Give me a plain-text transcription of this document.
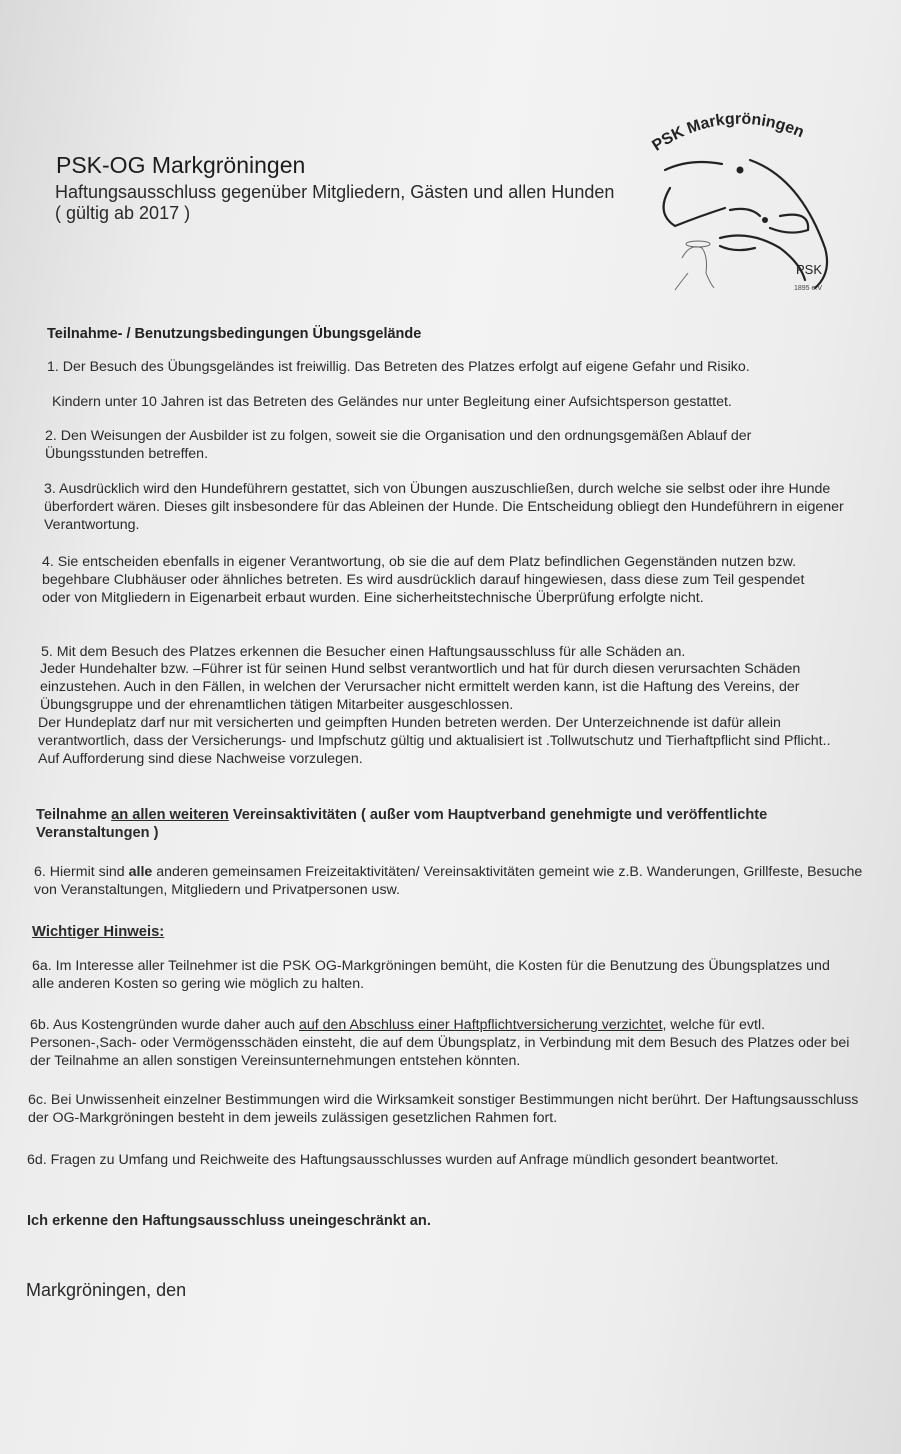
PSK-OG Markgröningen
Haftungsausschluss gegenüber Mitgliedern, Gästen und allen Hunden ( gültig ab 2017 )
PSK Markgröningen
PSK
1895 e.V
Teilnahme- / Benutzungsbedingungen Übungsgelände
1. Der Besuch des Übungsgeländes ist freiwillig. Das Betreten des Platzes erfolgt auf eigene Gefahr und Risiko.
Kindern unter 10 Jahren ist das Betreten des Geländes nur unter Begleitung einer Aufsichtsperson gestattet.
2. Den Weisungen der Ausbilder ist zu folgen, soweit sie die Organisation und den ordnungsgemäßen Ablauf der Übungsstunden betreffen.
3. Ausdrücklich wird den Hundeführern gestattet, sich von Übungen auszuschließen, durch welche sie selbst oder ihre Hunde überfordert wären. Dieses gilt insbesondere für das Ableinen der Hunde. Die Entscheidung obliegt den Hundeführern in eigener Verantwortung.
4. Sie entscheiden ebenfalls in eigener Verantwortung, ob sie die auf dem Platz befindlichen Gegenständen nutzen bzw. begehbare Clubhäuser oder ähnliches betreten. Es wird ausdrücklich darauf hingewiesen, dass diese zum Teil gespendet oder von Mitgliedern in Eigenarbeit erbaut wurden. Eine sicherheitstechnische Überprüfung erfolgte nicht.
5. Mit dem Besuch des Platzes erkennen die Besucher einen Haftungsausschluss für alle Schäden an.
Jeder Hundehalter bzw. –Führer ist für seinen Hund selbst verantwortlich und hat für durch diesen verursachten Schäden einzustehen. Auch in den Fällen, in welchen der Verursacher nicht ermittelt werden kann, ist die Haftung des Vereins, der Übungsgruppe und der ehrenamtlichen tätigen Mitarbeiter ausgeschlossen.
Der Hundeplatz darf nur mit versicherten und geimpften Hunden betreten werden. Der Unterzeichnende ist dafür allein verantwortlich, dass der Versicherungs- und Impfschutz gültig und aktualisiert ist .Tollwutschutz und Tierhaftpflicht sind Pflicht.. Auf Aufforderung sind diese Nachweise vorzulegen.
Teilnahme an allen weiteren Vereinsaktivitäten ( außer vom Hauptverband genehmigte und veröffentlichte Veranstaltungen )
6. Hiermit sind alle anderen gemeinsamen Freizeitaktivitäten/ Vereinsaktivitäten gemeint wie z.B. Wanderungen, Grillfeste, Besuche von Veranstaltungen, Mitgliedern und Privatpersonen usw.
Wichtiger Hinweis:
6a. Im Interesse aller Teilnehmer ist die PSK OG-Markgröningen bemüht, die Kosten für die Benutzung des Übungsplatzes und alle anderen Kosten so gering wie möglich zu halten.
6b. Aus Kostengründen wurde daher auch auf den Abschluss einer Haftpflichtversicherung verzichtet, welche für evtl. Personen-,Sach- oder Vermögensschäden einsteht, die auf dem Übungsplatz, in Verbindung mit dem Besuch des Platzes oder bei der Teilnahme an allen sonstigen Vereinsunternehmungen entstehen könnten.
6c. Bei Unwissenheit einzelner Bestimmungen wird die Wirksamkeit sonstiger Bestimmungen nicht berührt. Der Haftungsausschluss der OG-Markgröningen besteht in dem jeweils zulässigen gesetzlichen Rahmen fort.
6d. Fragen zu Umfang und Reichweite des Haftungsausschlusses wurden auf Anfrage mündlich gesondert beantwortet.
Ich erkenne den Haftungsausschluss uneingeschränkt an.
Markgröningen, den
